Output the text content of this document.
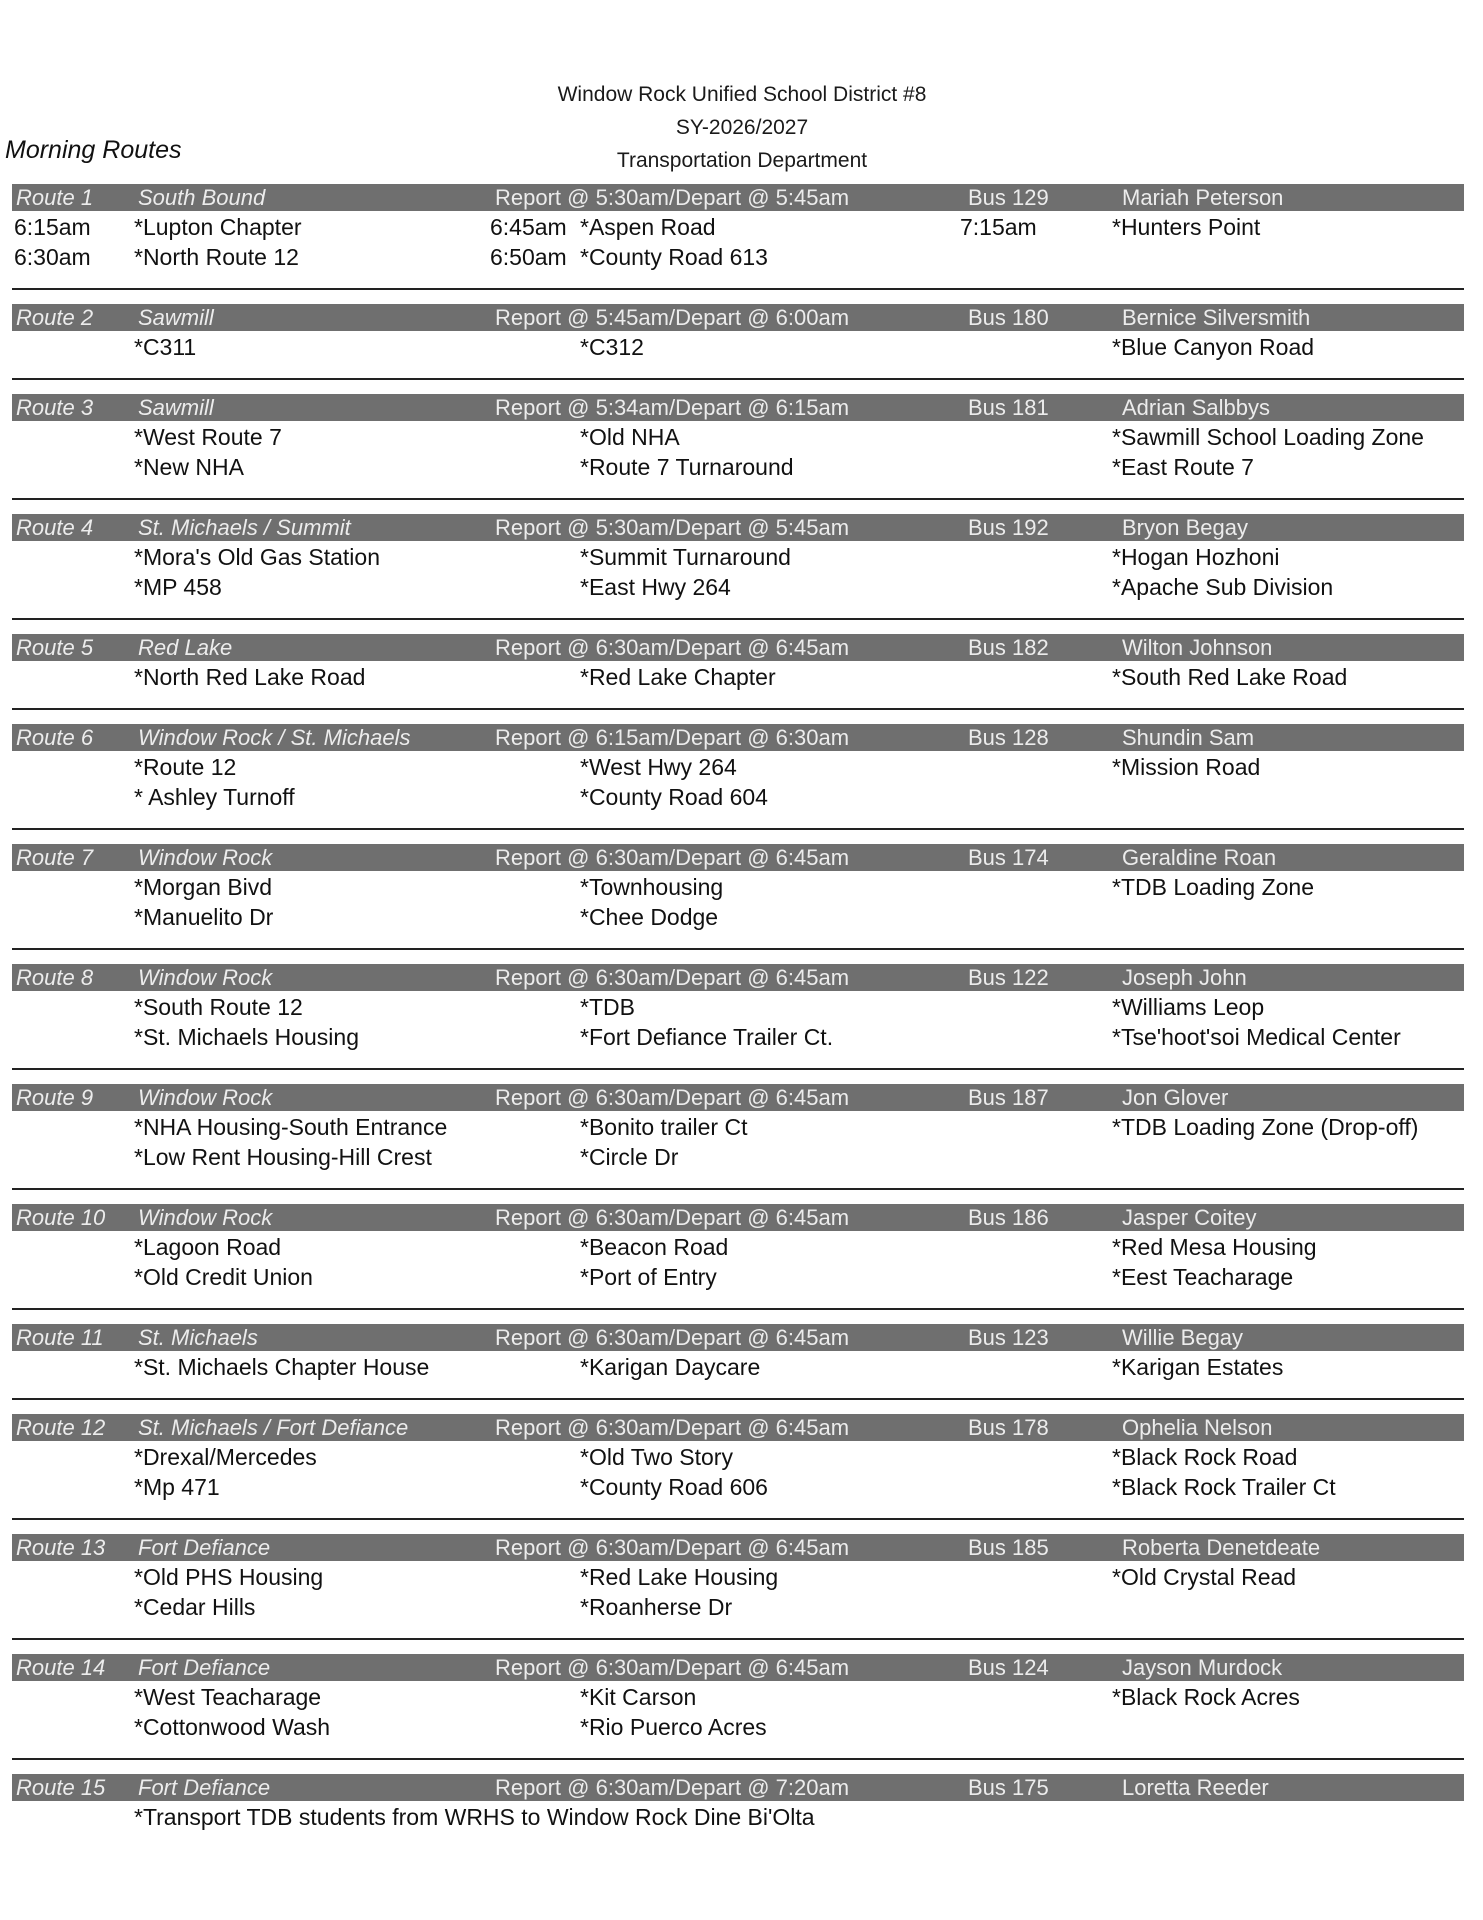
Window Rock Unified School District #8
SY-2026/2027
Transportation Department
Morning Routes
Route 1 South Bound	Report @ 5:30am/Depart @ 5:45am	Bus 129	Mariah Peterson
6:15am *Lupton Chapter	6:45am *Aspen Road	7:15am	*Hunters Point
6:30am *North Route 12	6:50am *County Road 613
Route 2 Sawmill	Report @ 5:45am/Depart @ 6:00am	Bus 180	Bernice Silversmith
*C311	*C312	*Blue Canyon Road
Route 3 Sawmill	Report @ 5:34am/Depart @ 6:15am	Bus 181	Adrian Salbbys
*West Route 7	*Old NHA	*Sawmill School Loading Zone
*New NHA	*Route 7 Turnaround	*East Route 7
Route 4 St. Michaels / Summit	Report @ 5:30am/Depart @ 5:45am	Bus 192	Bryon Begay
*Mora's Old Gas Station	*Summit Turnaround	*Hogan Hozhoni
*MP 458	*East Hwy 264	*Apache Sub Division
Route 5 Red Lake	Report @ 6:30am/Depart @ 6:45am	Bus 182	Wilton Johnson
*North Red Lake Road	*Red Lake Chapter	*South Red Lake Road
Route 6 Window Rock / St. Michaels	Report @ 6:15am/Depart @ 6:30am	Bus 128	Shundin Sam
*Route 12	*West Hwy 264	*Mission Road
* Ashley Turnoff	*County Road 604
Route 7 Window Rock	Report @ 6:30am/Depart @ 6:45am	Bus 174	Geraldine Roan
*Morgan Bivd	*Townhousing	*TDB Loading Zone
*Manuelito Dr	*Chee Dodge
Route 8 Window Rock	Report @ 6:30am/Depart @ 6:45am	Bus 122	Joseph John
*South Route 12	*TDB	*Williams Leop
*St. Michaels Housing	*Fort Defiance Trailer Ct.	*Tse'hoot'soi Medical Center
Route 9 Window Rock	Report @ 6:30am/Depart @ 6:45am	Bus 187	Jon Glover
*NHA Housing-South Entrance	*Bonito trailer Ct	*TDB Loading Zone (Drop-off)
*Low Rent Housing-Hill Crest	*Circle Dr
Route 10 Window Rock	Report @ 6:30am/Depart @ 6:45am	Bus 186	Jasper Coitey
*Lagoon Road	*Beacon Road	*Red Mesa Housing
*Old Credit Union	*Port of Entry	*Eest Teacharage
Route 11 St. Michaels	Report @ 6:30am/Depart @ 6:45am	Bus 123	Willie Begay
*St. Michaels Chapter House	*Karigan Daycare	*Karigan Estates
Route 12 St. Michaels / Fort Defiance	Report @ 6:30am/Depart @ 6:45am	Bus 178	Ophelia Nelson
*Drexal/Mercedes	*Old Two Story	*Black Rock Road
*Mp 471	*County Road 606	*Black Rock Trailer Ct
Route 13 Fort Defiance	Report @ 6:30am/Depart @ 6:45am	Bus 185	Roberta Denetdeate
*Old PHS Housing	*Red Lake Housing	*Old Crystal Read
*Cedar Hills	*Roanherse Dr
Route 14 Fort Defiance	Report @ 6:30am/Depart @ 6:45am	Bus 124	Jayson Murdock
*West Teacharage	*Kit Carson	*Black Rock Acres
*Cottonwood Wash	*Rio Puerco Acres
Route 15 Fort Defiance	Report @ 6:30am/Depart @ 7:20am	Bus 175	Loretta Reeder
*Transport TDB students from WRHS to Window Rock Dine Bi'Olta
